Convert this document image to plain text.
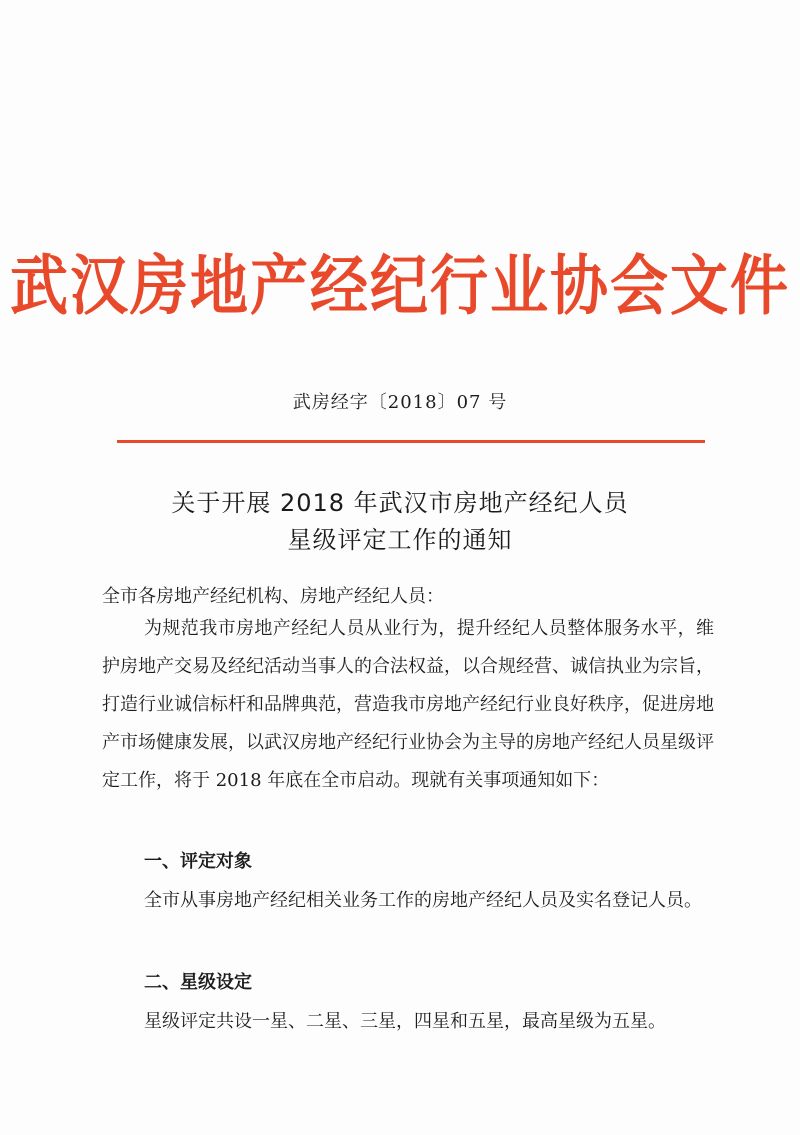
武汉房地产经纪行业协会文件
武房经字〔2018〕07 号
关于开展 2018 年武汉市房地产经纪人员
星级评定工作的通知
全市各房地产经纪机构、房地产经纪人员：
为规范我市房地产经纪人员从业行为，提升经纪人员整体服务水平，维护房地产交易及经纪活动当事人的合法权益，以合规经营、诚信执业为宗旨，打造行业诚信标杆和品牌典范，营造我市房地产经纪行业良好秩序，促进房地产市场健康发展，以武汉房地产经纪行业协会为主导的房地产经纪人员星级评定工作，将于 2018 年底在全市启动。现就有关事项通知如下：
一、评定对象
全市从事房地产经纪相关业务工作的房地产经纪人员及实名登记人员。
二、星级设定
星级评定共设一星、二星、三星，四星和五星，最高星级为五星。
